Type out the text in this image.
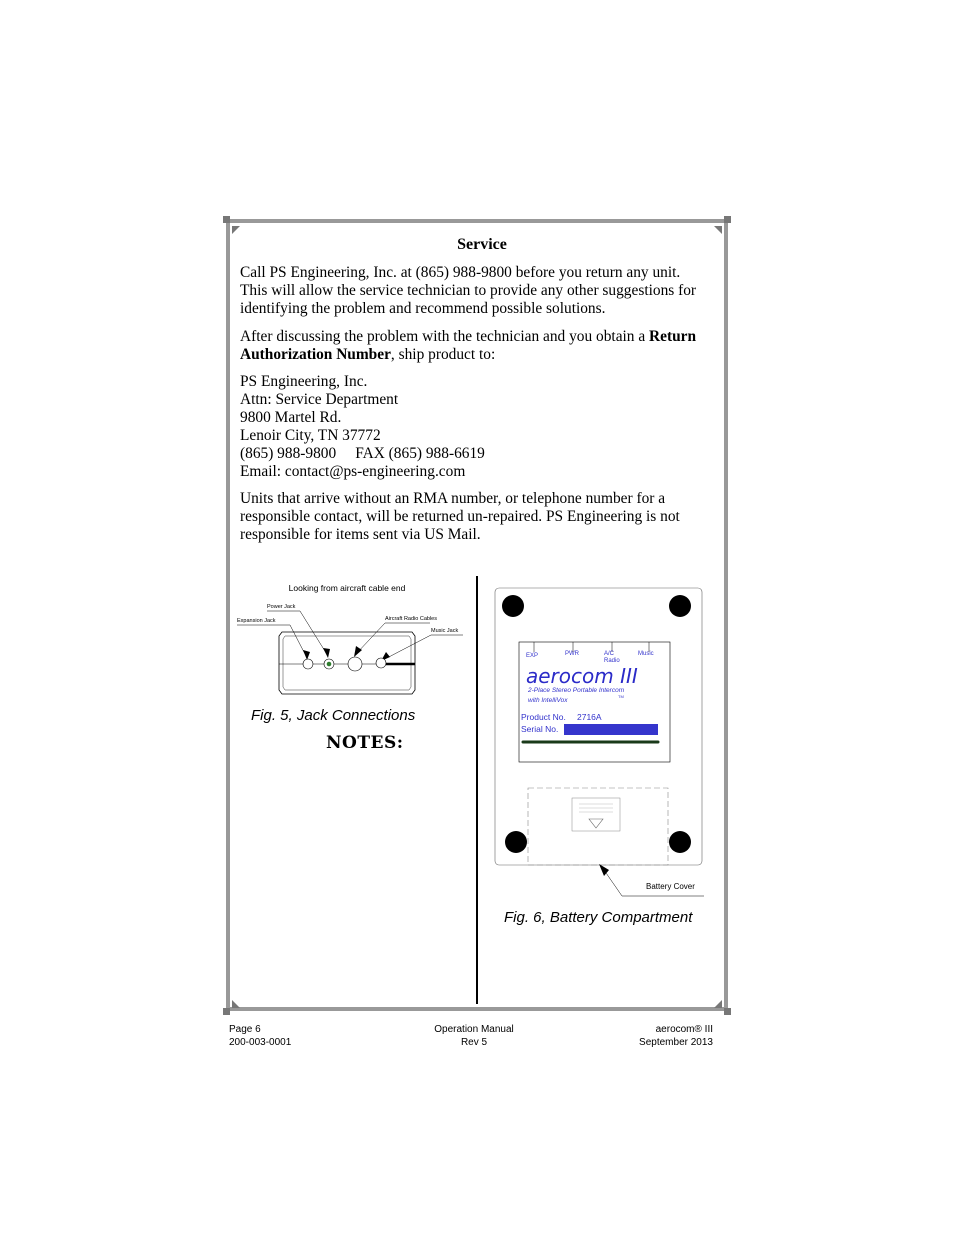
Service
Call PS Engineering, Inc. at (865) 988-9800 before you return any unit. This will allow the service technician to provide any other suggestions for identifying the problem and recommend possible solutions.
After discussing the problem with the technician and you obtain a Return Authorization Number, ship product to:
PS Engineering, Inc.
Attn: Service Department
9800 Martel Rd.
Lenoir City, TN 37772
(865) 988-9800 FAX (865) 988-6619
Email: contact@ps-engineering.com
Units that arrive without an RMA number, or telephone number for a responsible contact, will be returned un-repaired. PS Engineering is not responsible for items sent via US Mail.
Looking from aircraft cable end
Power Jack
Expansion Jack	Aircraft Radio Cables
Music Jack
Fig. 5, Jack Connections
NOTES:
EXP	PWR	A/C
Radio
Music
aerocom III
2-Place Stereo Portable Intercom
with IntelliVox
TM
Product No. 2716A
Serial No.
Battery Cover
Fig. 6, Battery Compartment
Page 6
200-003-0001
Operation Manual
Rev 5
aerocom® III
September 2013
